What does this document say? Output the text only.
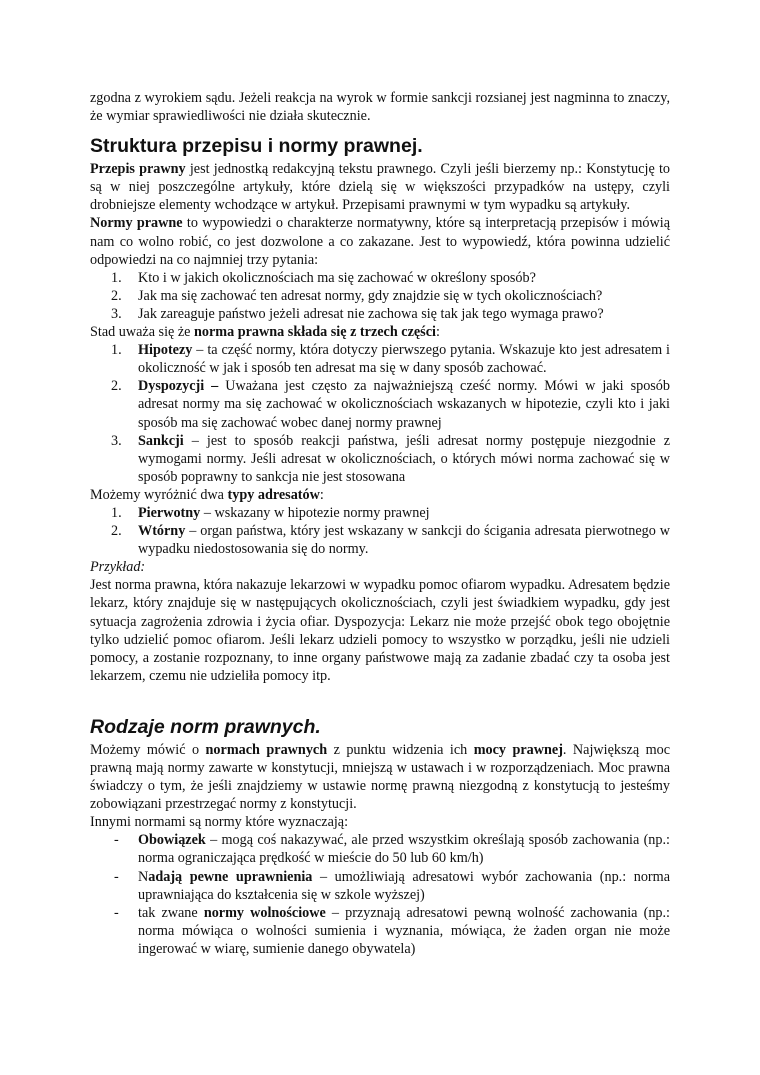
zgodna z wyrokiem sądu. Jeżeli reakcja na wyrok w formie sankcji rozsianej jest nagminna to znaczy, że wymiar sprawiedliwości nie działa skutecznie.

Struktura przepisu i normy prawnej.

Przepis prawny jest jednostką redakcyjną tekstu prawnego. Czyli jeśli bierzemy np.: Konstytucję to są w niej poszczególne artykuły, które dzielą się w większości przypadków na ustępy, czyli drobniejsze elementy wchodzące w artykuł. Przepisami prawnymi w tym wypadku są artykuły.

Normy prawne to wypowiedzi o charakterze normatywny, które są interpretacją przepisów i mówią nam co wolno robić, co jest dozwolone a co zakazane. Jest to wypowiedź, która powinna udzielić odpowiedzi na co najmniej trzy pytania:

1. Kto i w jakich okolicznościach ma się zachować w określony sposób?
2. Jak ma się zachować ten adresat normy, gdy znajdzie się w tych okolicznościach?
3. Jak zareaguje państwo jeżeli adresat nie zachowa się tak jak tego wymaga prawo?

Stad uważa się że norma prawna składa się z trzech części:

1. Hipotezy – ta część normy, która dotyczy pierwszego pytania. Wskazuje kto jest adresatem i okoliczność w jak i sposób ten adresat ma się w dany sposób zachować.
2. Dyspozycji – Uważana jest często za najważniejszą cześć normy. Mówi w jaki sposób adresat normy ma się zachować w okolicznościach wskazanych w hipotezie, czyli kto i jaki sposób ma się zachować wobec danej normy prawnej
3. Sankcji – jest to sposób reakcji państwa, jeśli adresat normy postępuje niezgodnie z wymogami normy. Jeśli adresat w okolicznościach, o których mówi norma zachować się w sposób poprawny to sankcja nie jest stosowana

Możemy wyróżnić dwa typy adresatów:

1. Pierwotny – wskazany w hipotezie normy prawnej
2. Wtórny – organ państwa, który jest wskazany w sankcji do ścigania adresata pierwotnego w wypadku niedostosowania się do normy.

Przykład:

Jest norma prawna, która nakazuje lekarzowi w wypadku pomoc ofiarom wypadku. Adresatem będzie lekarz, który znajduje się w następujących okolicznościach, czyli jest świadkiem wypadku, gdy jest sytuacja zagrożenia zdrowia i życia ofiar. Dyspozycja: Lekarz nie może przejść obok tego obojętnie tylko udzielić pomoc ofiarom. Jeśli lekarz udzieli pomocy to wszystko w porządku, jeśli nie udzieli pomocy, a zostanie rozpoznany, to inne organy państwowe mają za zadanie zbadać czy ta osoba jest lekarzem, czemu nie udzieliła pomocy itp.

Rodzaje norm prawnych.

Możemy mówić o normach prawnych z punktu widzenia ich mocy prawnej. Największą moc prawną mają normy zawarte w konstytucji, mniejszą w ustawach i w rozporządzeniach. Moc prawna świadczy o tym, że jeśli znajdziemy w ustawie normę prawną niezgodną z konstytucją to jesteśmy zobowiązani przestrzegać normy z konstytucji.

Innymi normami są normy które wyznaczają:

- Obowiązek – mogą coś nakazywać, ale przed wszystkim określają sposób zachowania (np.: norma ograniczająca prędkość w mieście do 50 lub 60 km/h)
- Nadają pewne uprawnienia – umożliwiają adresatowi wybór zachowania (np.: norma uprawniająca do kształcenia się w szkole wyższej)
- tak zwane normy wolnościowe – przyznają adresatowi pewną wolność zachowania (np.: norma mówiąca o wolności sumienia i wyznania, mówiąca, że żaden organ nie może ingerować w wiarę, sumienie danego obywatela)
